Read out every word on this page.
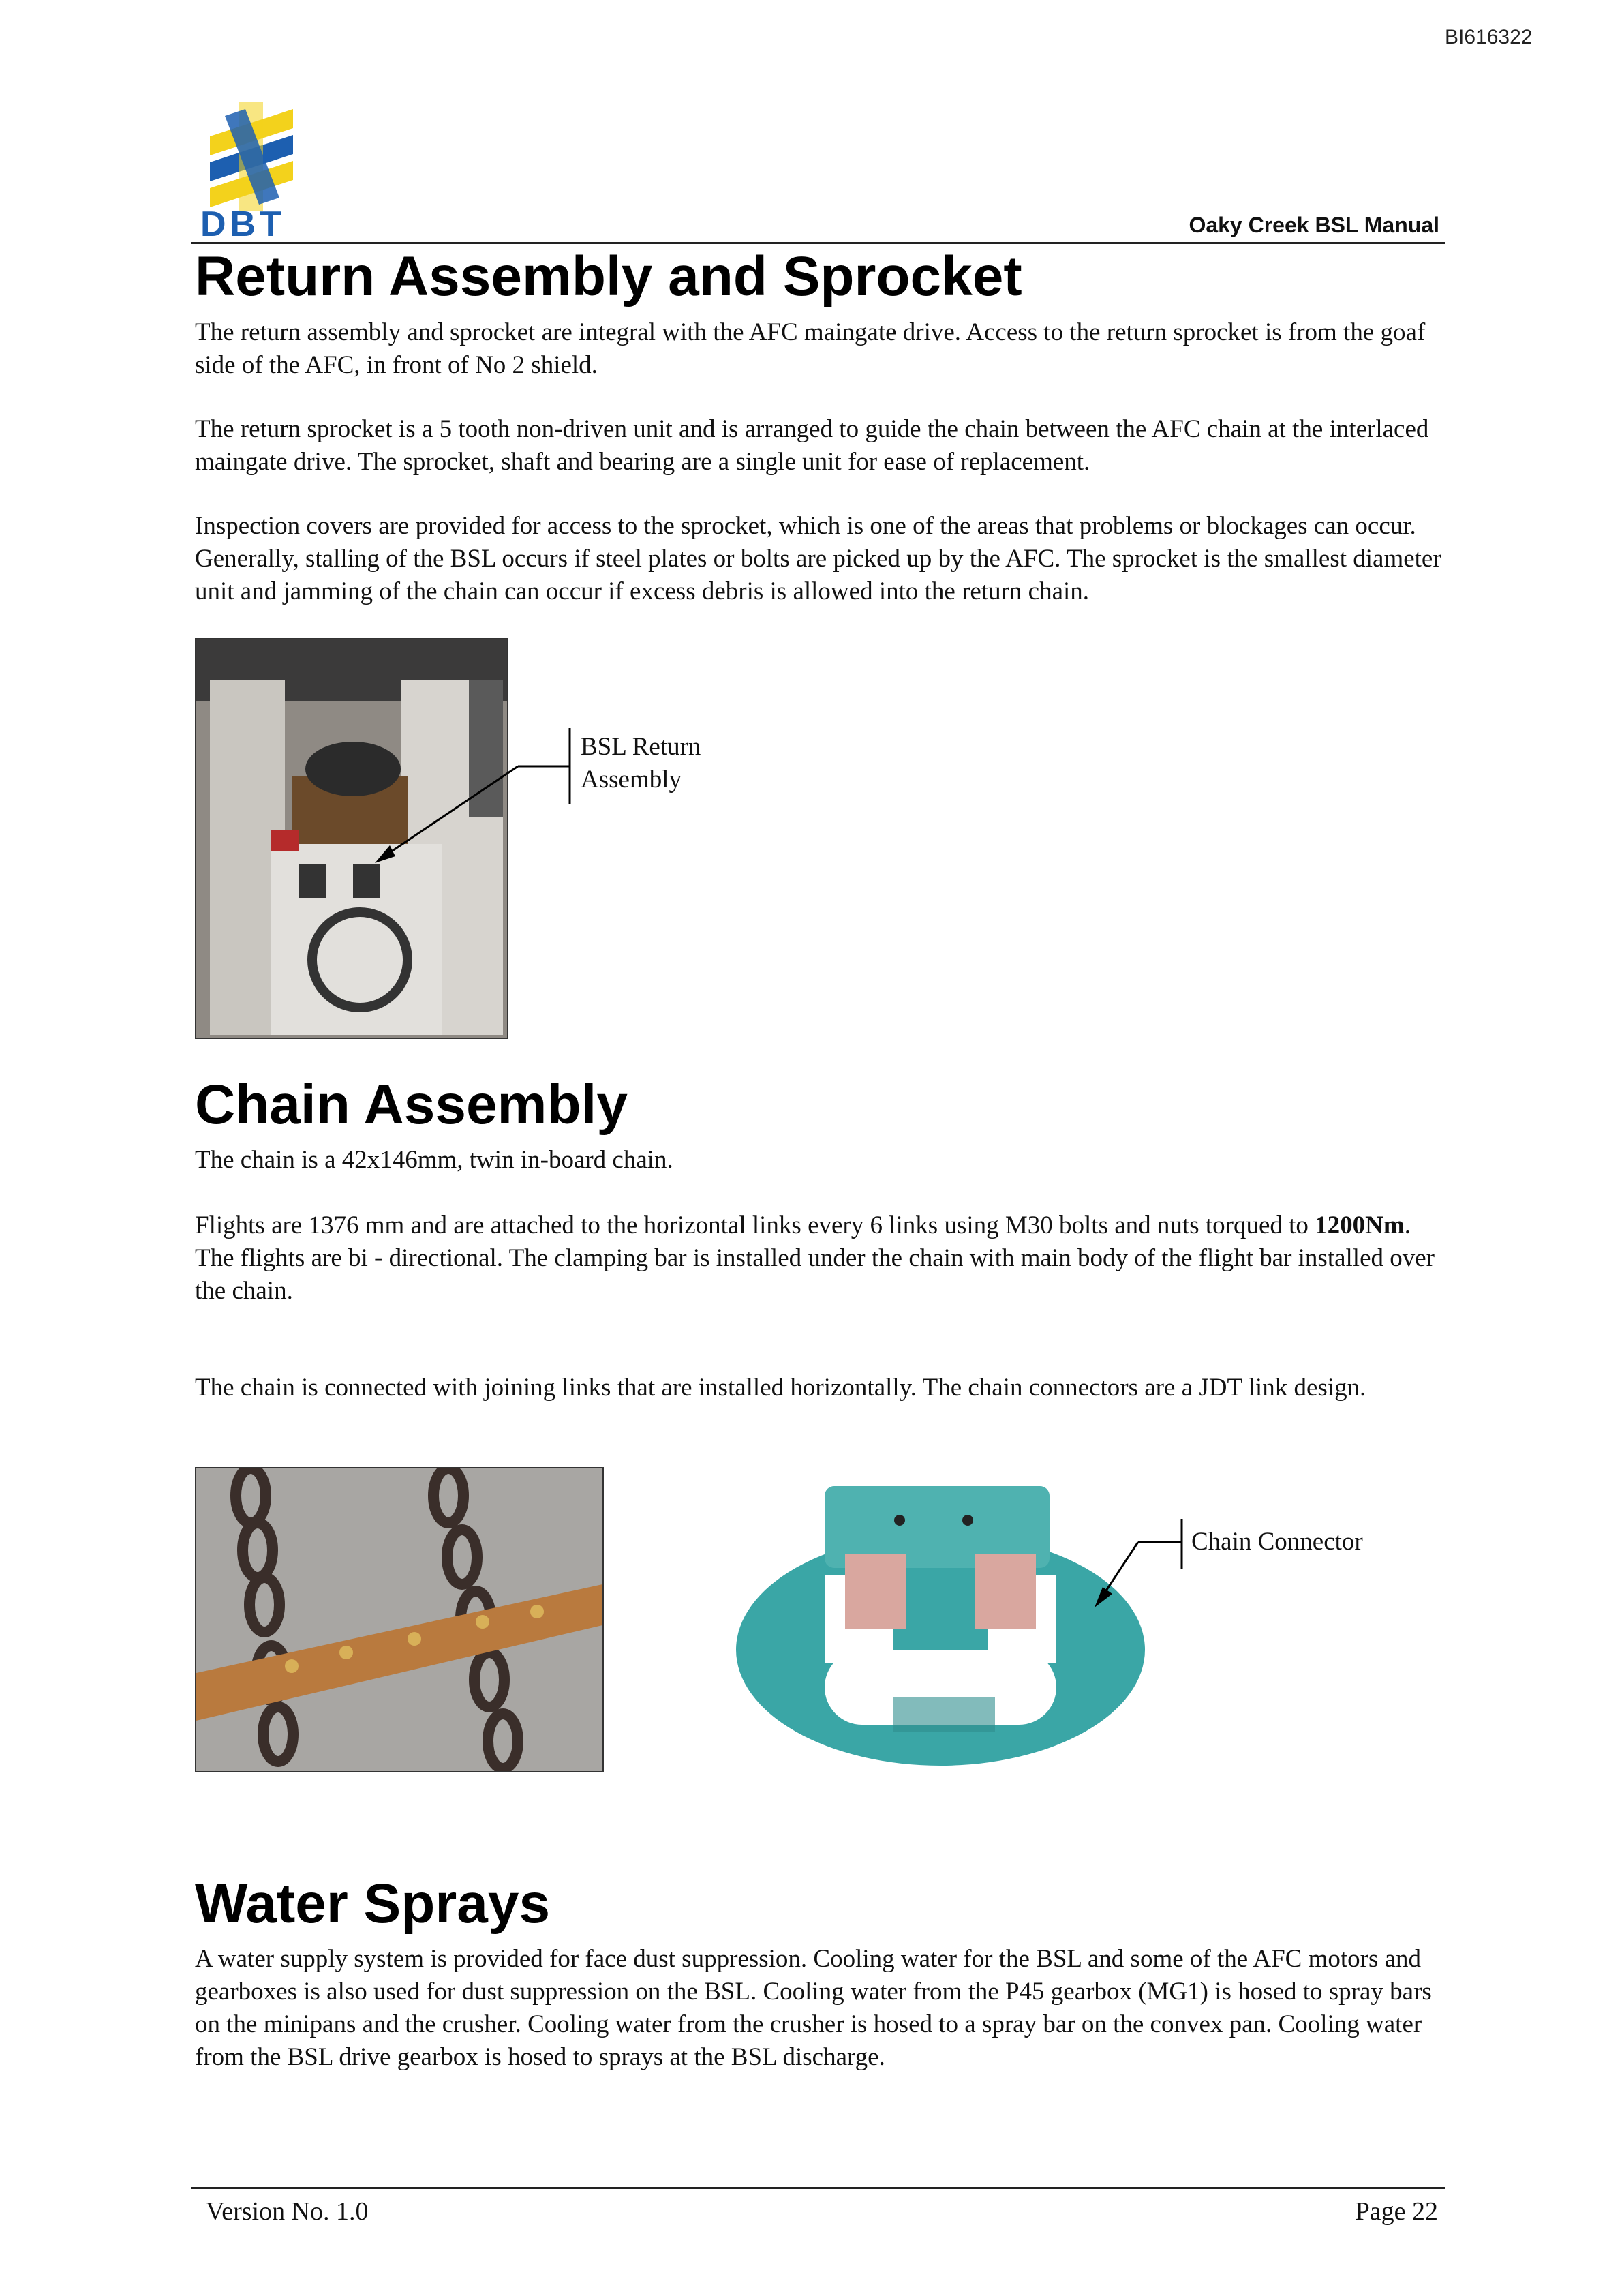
BI616322
DBT	Oaky Creek BSL Manual
Return Assembly and Sprocket
The return assembly and sprocket are integral with the AFC maingate drive. Access to the return sprocket is from the goaf side of the AFC, in front of No 2 shield.
The return sprocket is a 5 tooth non-driven unit and is arranged to guide the chain between the AFC chain at the interlaced maingate drive. The sprocket, shaft and bearing are a single unit for ease of replacement.
Inspection covers are provided for access to the sprocket, which is one of the areas that problems or blockages can occur. Generally, stalling of the BSL occurs if steel plates or bolts are picked up by the AFC. The sprocket is the smallest diameter unit and jamming of the chain can occur if excess debris is allowed into the return chain.
BSL Return
Assembly
Chain Assembly
The chain is a 42x146mm, twin in-board chain.
Flights are 1376 mm and are attached to the horizontal links every 6 links using M30 bolts and nuts torqued to 1200Nm. The flights are bi - directional. The clamping bar is installed under the chain with main body of the flight bar installed over the chain.
The chain is connected with joining links that are installed horizontally. The chain connectors are a JDT link design.
Chain Connector
Water Sprays
A water supply system is provided for face dust suppression. Cooling water for the BSL and some of the AFC motors and gearboxes is also used for dust suppression on the BSL. Cooling water from the P45 gearbox (MG1) is hosed to spray bars on the minipans and the crusher. Cooling water from the crusher is hosed to a spray bar on the convex pan. Cooling water from the BSL drive gearbox is hosed to sprays at the BSL discharge.
Version No. 1.0	Page 22
